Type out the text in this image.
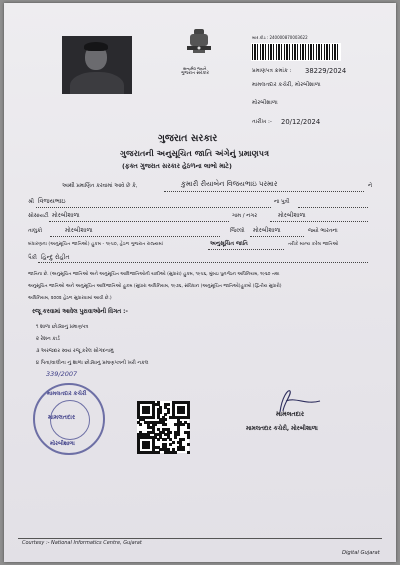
સત્યમેવ જયતે
ગુજરાત સરકાર
બાર કોડ : 240000870003622
પ્રમાણપત્ર ક્રમાંક : 38229/2024
મામલતદાર કચેરી, મોરબીશાળા
મોરબીશાળા
તારીખ :- 20/12/2024
ગુજરાત સરકાર
ગુજરાતની અનુસૂચિત જાતિ અંગેનું પ્રમાણપત્ર
(ફક્ત ગુજરાત સરકાર હેઠળના લાભો માટે)
આથી પ્રમાણિત કરવામાં આવે છે કે,	કુમારી રીયાબેન વિજયભાઇ પરમાર	ને
શ્રી વિજયભાઇ	ના પુત્રી
સોસાયટી મોરબીશાળા	ગામ / નગર	મોરબીશાળા
તાલુકો	મોરબીશાળા	જિલ્લો મોરબીશાળા	જ્યો ભારતના
બંધારણના (અનુસૂચિત જાતિઓ) હુકમ - ૧૯૫૦, હેઠળ ગુજરાત રાજ્યમાં	અનુસૂચિત જાતિ	તરીકે માન્ય કરેલ જાતિઓ
પૈકી હિન્દુ રોહીત
જાતિના છે. (અનુસૂચિત જાતિઓ અને અનુસૂચિત આદિજાતિઓની યાદીઓ (સુધારા) હુકમ, ૧૯૫૬, મુંબઇ પુનર્ગઠન અધિનિયમ, ૧૯૬૦ તથા
અનુસૂચિત જાતિઓ અને અનુસૂચિત આદિજાતિઓ હુકમ (સુધારા અધિનિયમ, ૧૯૭૬, સંવિધાન (અનુસૂચિત જાતિઓ)હુકમો (દ્વિતીય સુધારો)
અધિનિયમ, ૨૦૦૨ હેઠળ સુધારવામાં આવી છે.)
રજૂ કરવામાં આવેલ પુરાવાઓની વિગત :-
૧ શાળા છોડ્યાનું પ્રમાણપત્ર
૨ રેશન કાર્ડ
૩ અરજદાર સ્વયં રજૂ કરેલ સોગંદનામું
૪ પિતા/વાલીના નું શાળા છોડ્યાનું પ્રમાણપત્રની ખરી નકલ
339/2007
મામલતદાર કચેરી
મામલતદાર
મોરબીશાળા
મામલતદાર
મામલતદાર કચેરી, મોરબીશાળા
Courtesy :- National Informatics Centre, Gujarat
Digital Gujarat
